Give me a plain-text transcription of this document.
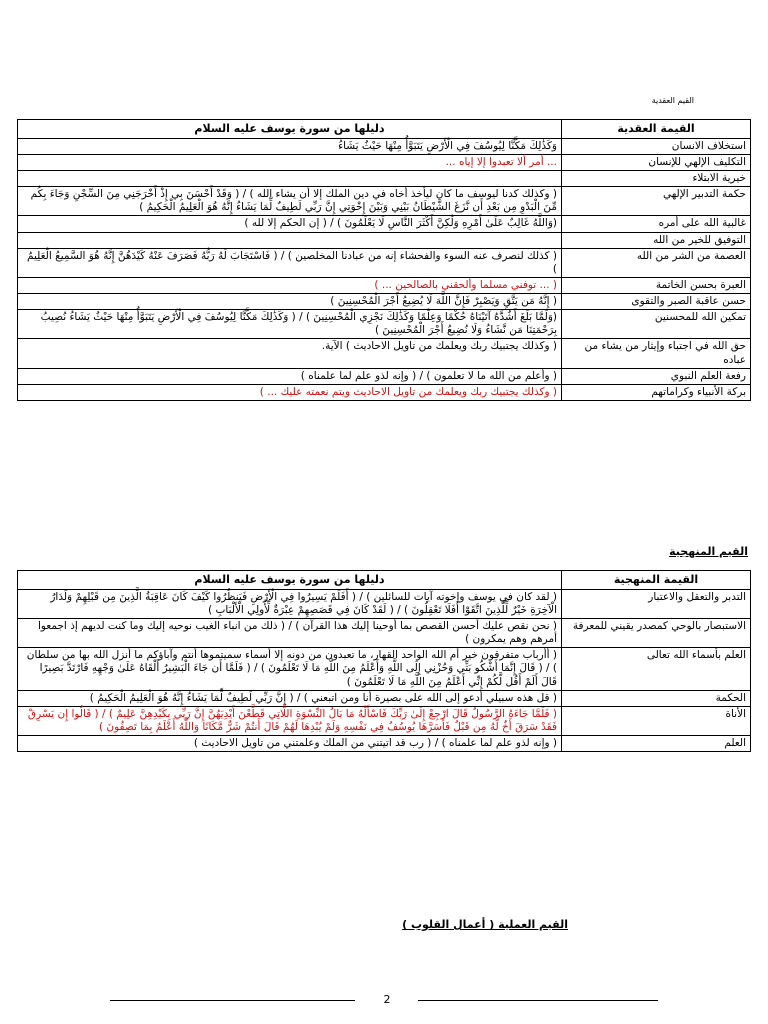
القيم العقدية
القيمة العقدية	دليلها من سورة يوسف عليه السلام
استخلاف الانسان	وَكَذَٰلِكَ مَكَّنَّا لِيُوسُفَ فِي الْأَرْضِ يَتَبَوَّأُ مِنْهَا حَيْثُ يَشَاءُ
التكليف الإلهي للإنسان	... أمر ألا تعبدوا إلا إياه ...
خيرية الابتلاء	
حكمة التدبير الإلهي	( وكذلك كدنا ليوسف ما كان ليأخذ أخاه في دين الملك إلا أن يشاء الله ) / ( وَقَدْ أَحْسَنَ بِي إِذْ أَخْرَجَنِي مِنَ السِّجْنِ وَجَاءَ بِكُم مِّنَ الْبَدْوِ مِن بَعْدِ أَن نَّزَغَ الشَّيْطَانُ بَيْنِي وَبَيْنَ إِخْوَتِي إِنَّ رَبِّي لَطِيفٌ لِّمَا يَشَاءُ إِنَّهُ هُوَ الْعَلِيمُ الْحَكِيمُ )
غالبية الله على أمره	(وَاللَّهُ غَالِبٌ عَلَىٰ أَمْرِهِ وَلَٰكِنَّ أَكْثَرَ النَّاسِ لَا يَعْلَمُونَ ) / ( إن الحكم إلا لله )
التوفيق للخير من الله	
العصمة من الشر من الله	( كذلك لنصرف عنه السوء والفحشاء إنه من عبادنا المخلصين ) / ( فَاسْتَجَابَ لَهُ رَبُّهُ فَصَرَفَ عَنْهُ كَيْدَهُنَّ إِنَّهُ هُوَ السَّمِيعُ الْعَلِيمُ )
العبرة بحسن الخاتمة	( ... توفني مسلما وألحقني بالصالحين ... )
حسن عاقبة الصبر والتقوى	( إِنَّهُ مَن يَتَّقِ وَيَصْبِرْ فَإِنَّ اللَّهَ لَا يُضِيعُ أَجْرَ الْمُحْسِنِينَ )
تمكين الله للمحسنين	(وَلَمَّا بَلَغَ أَشُدَّهُ آتَيْنَاهُ حُكْمًا وَعِلْمًا وَكَذَٰلِكَ نَجْزِي الْمُحْسِنِينَ ) / ( وَكَذَٰلِكَ مَكَّنَّا لِيُوسُفَ فِي الْأَرْضِ يَتَبَوَّأُ مِنْهَا حَيْثُ يَشَاءُ نُصِيبُ بِرَحْمَتِنَا مَن نَّشَاءُ وَلَا نُضِيعُ أَجْرَ الْمُحْسِنِينَ )
حق الله في اجتباء وإيثار من يشاء من عباده	( وكذلك يجتبيك ربك ويعلمك من تاويل الاحاديث ) الآية.
رفعة العلم النبوي	( وأعلم من الله ما لا تعلمون ) / ( وإنه لذو علم لما علمناه )
بركة الأنبياء وكراماتهم	( وكذلك يجتبيك ربك ويعلمك من تاويل الاحاديث ويتم نعمته عليك ... )
القيم المنهجية
القيمة المنهجية	دليلها من سورة يوسف عليه السلام
التدبر والتعقل والاعتبار	( لقد كان في يوسف وإخوته آيات للسائلين ) / ( أَفَلَمْ يَسِيرُوا فِي الْأَرْضِ فَيَنظُرُوا كَيْفَ كَانَ عَاقِبَةُ الَّذِينَ مِن قَبْلِهِمْ وَلَدَارُ الْآخِرَةِ خَيْرٌ لِّلَّذِينَ اتَّقَوْا أَفَلَا تَعْقِلُونَ ) / ( لَقَدْ كَانَ فِي قَصَصِهِمْ عِبْرَةٌ لِّأُولِي الْأَلْبَابِ )
الاستبصار بالوحي كمصدر يقيني للمعرفة	( نحن نقص عليك أحسن القصص بما أوحينا إليك هذا القرآن ) / ( ذلك من انباء الغيب نوحيه إليك وما كنت لديهم إذ اجمعوا أمرهم وهم يمكرون )
العلم بأسماء الله تعالى	( أأرباب متفرقون خير أم الله الواحد القهار، ما تعبدون من دونه إلا أسماء سميتموها أنتم وآباؤكم ما أنزل الله بها من سلطان ) / ( قَالَ إِنَّمَا أَشْكُو بَثِّي وَحُزْنِي إِلَى اللَّهِ وَأَعْلَمُ مِنَ اللَّهِ مَا لَا تَعْلَمُونَ ) / ( فَلَمَّا أَن جَاءَ الْبَشِيرُ أَلْقَاهُ عَلَىٰ وَجْهِهِ فَارْتَدَّ بَصِيرًا قَالَ أَلَمْ أَقُل لَّكُمْ إِنِّي أَعْلَمُ مِنَ اللَّهِ مَا لَا تَعْلَمُونَ )
الحكمة	( قل هذه سبيلي أدعو إلى الله على بصيرة أنا ومن اتبعني ) / ( إِنَّ رَبِّي لَطِيفٌ لِّمَا يَشَاءُ إِنَّهُ هُوَ الْعَلِيمُ الْحَكِيمُ )
الأناة	( فَلَمَّا جَاءَهُ الرَّسُولُ قَالَ ارْجِعْ إِلَىٰ رَبِّكَ فَاسْأَلْهُ مَا بَالُ النِّسْوَةِ اللَّاتِي قَطَّعْنَ أَيْدِيَهُنَّ إِنَّ رَبِّي بِكَيْدِهِنَّ عَلِيمٌ ) / ( قَالُوا إِن يَسْرِقْ فَقَدْ سَرَقَ أَخٌ لَّهُ مِن قَبْلُ فَأَسَرَّهَا يُوسُفُ فِي نَفْسِهِ وَلَمْ يُبْدِهَا لَهُمْ قَالَ أَنتُمْ شَرٌّ مَّكَانًا وَاللَّهُ أَعْلَمُ بِمَا تَصِفُونَ )
العلم	( وإنه لذو علم لما علمناه ) / ( رب قد اتيتني من الملك وعلمتني من تاويل الاحاديث )
القيم العملية ( أعمال القلوب )
2
